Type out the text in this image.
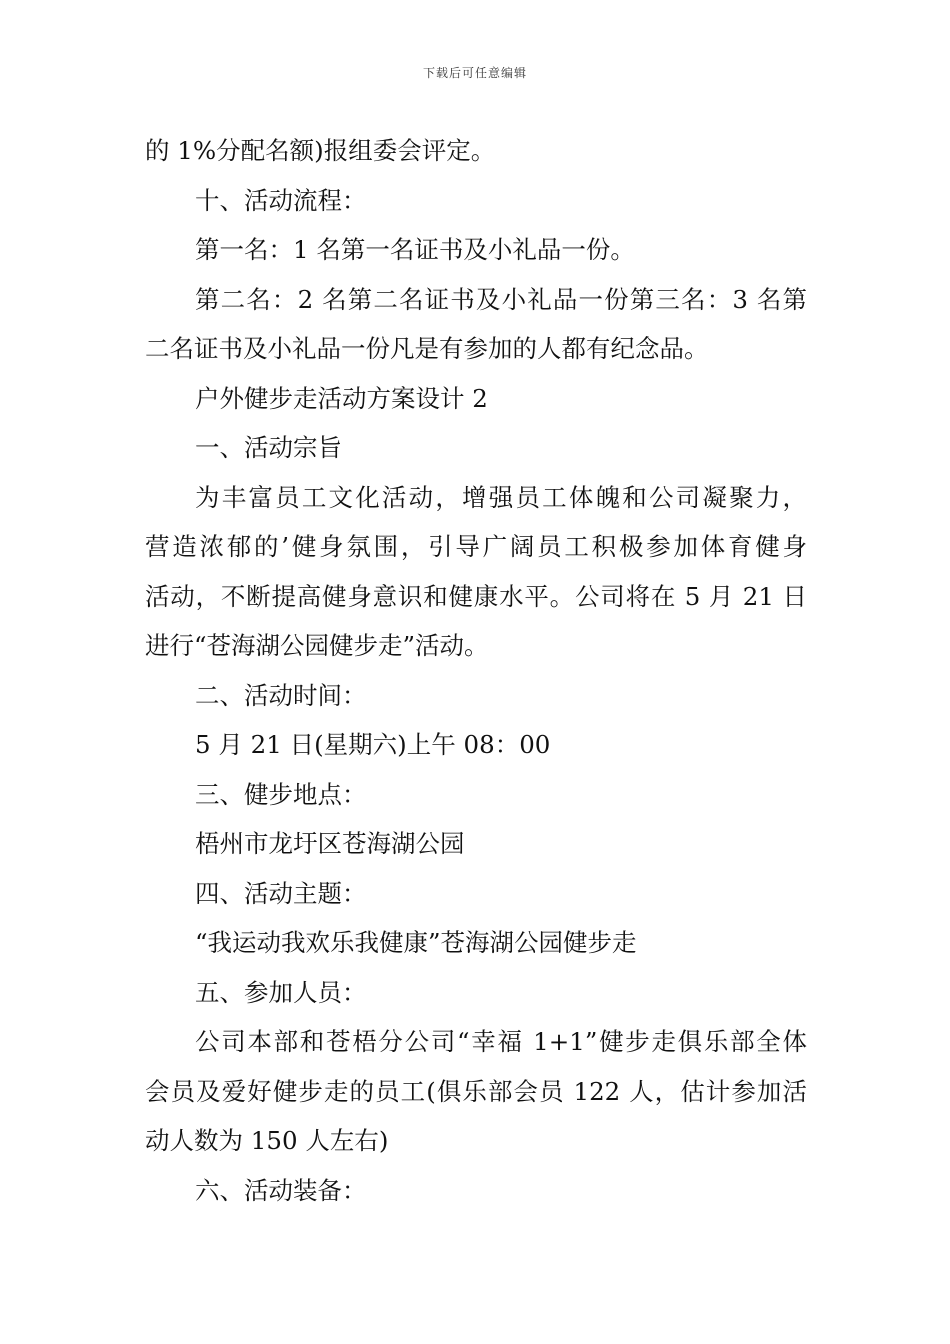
下载后可任意编辑
的 1%分配名额)报组委会评定。
十、活动流程：
第一名：1 名第一名证书及小礼品一份。
第二名：2 名第二名证书及小礼品一份第三名：3 名第
二名证书及小礼品一份凡是有参加的人都有纪念品。
户外健步走活动方案设计 2
一、活动宗旨
为丰富员工文化活动，增强员工体魄和公司凝聚力，
营造浓郁的’健身氛围，引导广阔员工积极参加体育健身
活动，不断提高健身意识和健康水平。公司将在 5 月 21 日
进行“苍海湖公园健步走”活动。
二、活动时间：
5 月 21 日(星期六)上午 08：00
三、健步地点：
梧州市龙圩区苍海湖公园
四、活动主题：
“我运动我欢乐我健康”苍海湖公园健步走
五、参加人员：
公司本部和苍梧分公司“幸福 1+1”健步走俱乐部全体
会员及爱好健步走的员工(俱乐部会员 122 人，估计参加活
动人数为 150 人左右)
六、活动装备：
